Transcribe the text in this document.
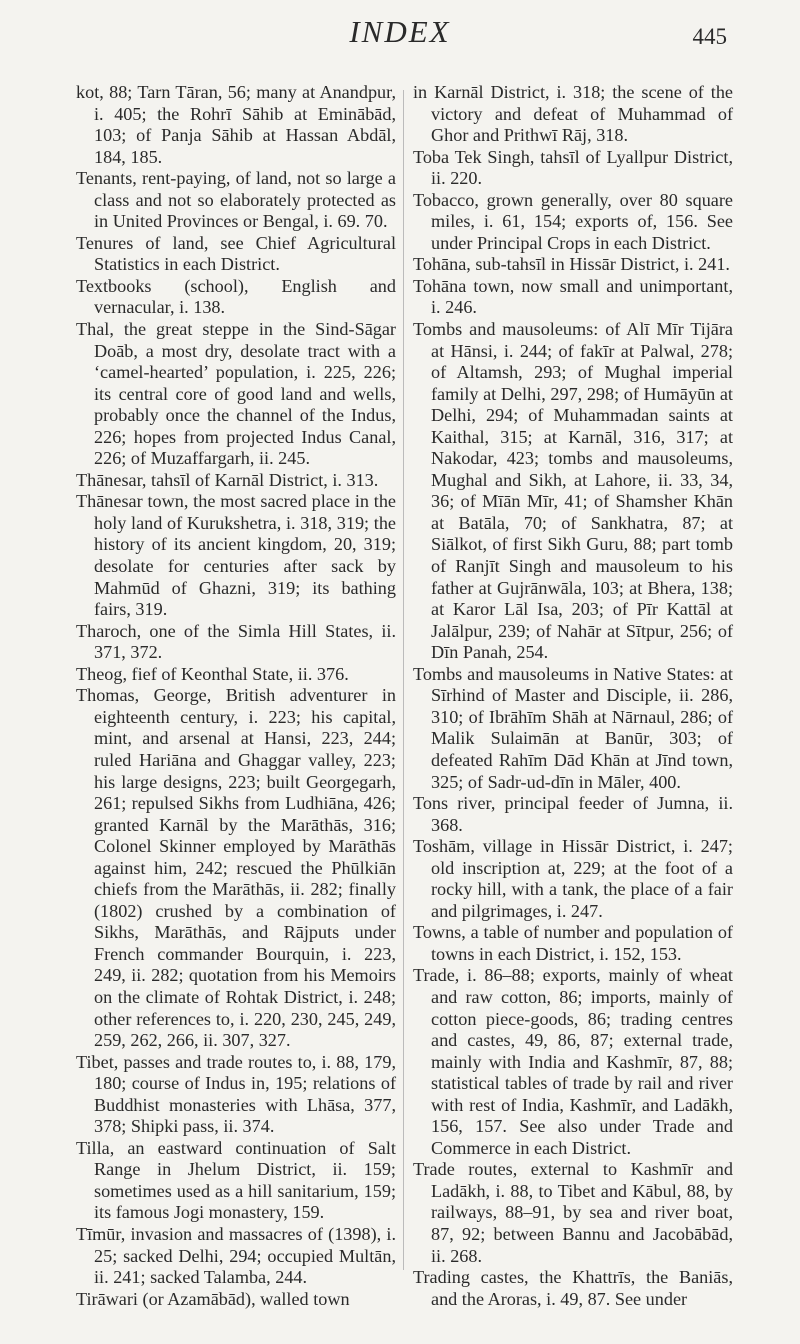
INDEX	445

kot, 88; Tarn Tāran, 56; many at Anandpur, i. 405; the Rohrī Sāhib at Eminābād, 103; of Panja Sāhib at Hassan Abdāl, 184, 185.

Tenants, rent-paying, of land, not so large a class and not so elaborately protected as in United Provinces or Bengal, i. 69. 70.

Tenures of land, see Chief Agricultural Statistics in each District.

Textbooks (school), English and vernacular, i. 138.

Thal, the great steppe in the Sind-Sāgar Doāb, a most dry, desolate tract with a ‘camel-hearted’ population, i. 225, 226; its central core of good land and wells, probably once the channel of the Indus, 226; hopes from projected Indus Canal, 226; of Muzaffargarh, ii. 245.

Thānesar, tahsīl of Karnāl District, i. 313.

Thānesar town, the most sacred place in the holy land of Kurukshetra, i. 318, 319; the history of its ancient kingdom, 20, 319; desolate for centuries after sack by Mahmūd of Ghazni, 319; its bathing fairs, 319.

Tharoch, one of the Simla Hill States, ii. 371, 372.

Theog, fief of Keonthal State, ii. 376.

Thomas, George, British adventurer in eighteenth century, i. 223; his capital, mint, and arsenal at Hansi, 223, 244; ruled Hariāna and Ghaggar valley, 223; his large designs, 223; built Georgegarh, 261; repulsed Sikhs from Ludhiāna, 426; granted Karnāl by the Marāthās, 316; Colonel Skinner employed by Marāthās against him, 242; rescued the Phūlkiān chiefs from the Marāthās, ii. 282; finally (1802) crushed by a combination of Sikhs, Marāthās, and Rājputs under French commander Bourquin, i. 223, 249, ii. 282; quotation from his Memoirs on the climate of Rohtak District, i. 248; other references to, i. 220, 230, 245, 249, 259, 262, 266, ii. 307, 327.

Tibet, passes and trade routes to, i. 88, 179, 180; course of Indus in, 195; relations of Buddhist monasteries with Lhāsa, 377, 378; Shipki pass, ii. 374.

Tilla, an eastward continuation of Salt Range in Jhelum District, ii. 159; sometimes used as a hill sanitarium, 159; its famous Jogi monastery, 159.

Tīmūr, invasion and massacres of (1398), i. 25; sacked Delhi, 294; occupied Multān, ii. 241; sacked Talamba, 244.

Tirāwari (or Azamābād), walled town

in Karnāl District, i. 318; the scene of the victory and defeat of Muhammad of Ghor and Prithwī Rāj, 318.

Toba Tek Singh, tahsīl of Lyallpur District, ii. 220.

Tobacco, grown generally, over 80 square miles, i. 61, 154; exports of, 156. See under Principal Crops in each District.

Tohāna, sub-tahsīl in Hissār District, i. 241.

Tohāna town, now small and unimportant, i. 246.

Tombs and mausoleums: of Alī Mīr Tijāra at Hānsi, i. 244; of fakīr at Palwal, 278; of Altamsh, 293; of Mughal imperial family at Delhi, 297, 298; of Humāyūn at Delhi, 294; of Muhammadan saints at Kaithal, 315; at Karnāl, 316, 317; at Nakodar, 423; tombs and mausoleums, Mughal and Sikh, at Lahore, ii. 33, 34, 36; of Mīān Mīr, 41; of Shamsher Khān at Batāla, 70; of Sankhatra, 87; at Siālkot, of first Sikh Guru, 88; part tomb of Ranjīt Singh and mausoleum to his father at Gujrānwāla, 103; at Bhera, 138; at Karor Lāl Isa, 203; of Pīr Kattāl at Jalālpur, 239; of Nahār at Sītpur, 256; of Dīn Panah, 254.

Tombs and mausoleums in Native States: at Sīrhind of Master and Disciple, ii. 286, 310; of Ibrāhīm Shāh at Nārnaul, 286; of Malik Sulaimān at Banūr, 303; of defeated Rahīm Dād Khān at Jīnd town, 325; of Sadr-ud-dīn in Māler, 400.

Tons river, principal feeder of Jumna, ii. 368.

Toshām, village in Hissār District, i. 247; old inscription at, 229; at the foot of a rocky hill, with a tank, the place of a fair and pilgrimages, i. 247.

Towns, a table of number and population of towns in each District, i. 152, 153.

Trade, i. 86–88; exports, mainly of wheat and raw cotton, 86; imports, mainly of cotton piece-goods, 86; trading centres and castes, 49, 86, 87; external trade, mainly with India and Kashmīr, 87, 88; statistical tables of trade by rail and river with rest of India, Kashmīr, and Ladākh, 156, 157. See also under Trade and Commerce in each District.

Trade routes, external to Kashmīr and Ladākh, i. 88, to Tibet and Kābul, 88, by railways, 88–91, by sea and river boat, 87, 92; between Bannu and Jacobābād, ii. 268.

Trading castes, the Khattrīs, the Baniās, and the Aroras, i. 49, 87. See under
